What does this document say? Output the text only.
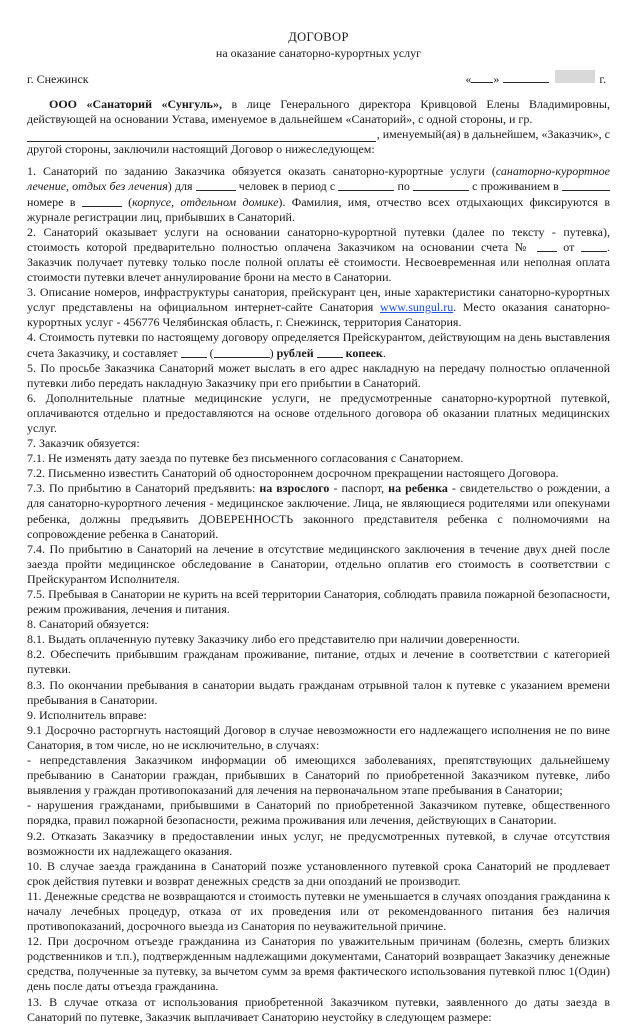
ДОГОВОР
на оказание санаторно-курортных услуг
г. Снежинск	« »	г.

ООО «Санаторий «Сунгуль», в лице Генерального директора Кривцовой Елены Владимировны, действующей на основании Устава, именуемое в дальнейшем «Санаторий», с одной стороны, и гр.

, именуемый(ая) в дальнейшем, «Заказчик», с

другой стороны, заключили настоящий Договор о нижеследующем:

1. Санаторий по заданию Заказчика обязуется оказать санаторно-курортные услуги (санаторно-курортное лечение, отдых без лечения) для	человек в период с	по	с проживанием в номере в	(корпусе, отдельном домике). Фамилия, имя, отчество всех отдыхающих фиксируются в журнале регистрации лиц, прибывших в Санаторий.

2. Санаторий оказывает услуги на основании санаторно-курортной путевки (далее по тексту - путевка), стоимость которой предварительно полностью оплачена Заказчиком на основании счета №  от . Заказчик получает путевку только после полной оплаты её стоимости. Несвоевременная или неполная оплата стоимости путевки влечет аннулирование брони на место в Санатории.

3. Описание номеров, инфраструктуры санатория, прейскурант цен, иные характеристики санаторно-курортных услуг представлены на официальном интернет-сайте Санатория www.sungul.ru. Место оказания санаторно-курортных услуг - 456776 Челябинская область, г. Снежинск, территория Санатория.

4. Стоимость путевки по настоящему договору определяется Прейскурантом, действующим на день выставления счета Заказчику, и составляет  (	) рублей	копеек.

5. По просьбе Заказчика Санаторий может выслать в его адрес накладную на передачу полностью оплаченной путевки либо передать накладную Заказчику при его прибытии в Санаторий.

6. Дополнительные платные медицинские услуги, не предусмотренные санаторно-курортной путевкой, оплачиваются отдельно и предоставляются на основе отдельного договора об оказании платных медицинских услуг.

7. Заказчик обязуется:

7.1. Не изменять дату заезда по путевке без письменного согласования с Санаторием.

7.2. Письменно известить Санаторий об одностороннем досрочном прекращении настоящего Договора.

7.3. По прибытию в Санаторий предъявить: на взрослого - паспорт, на ребенка - свидетельство о рождении, а для санаторно-курортного лечения - медицинское заключение. Лица, не являющиеся родителями или опекунами ребенка, должны предъявить ДОВЕРЕННОСТЬ законного представителя ребенка с полномочиями на сопровождение ребенка в Санаторий.

7.4. По прибытию в Санаторий на лечение в отсутствие медицинского заключения в течение двух дней после заезда пройти медицинское обследование в Санатории, отдельно оплатив его стоимость в соответствии с Прейскурантом Исполнителя.

7.5. Пребывая в Санатории не курить на всей территории Санатория, соблюдать правила пожарной безопасности, режим проживания, лечения и питания.

8. Санаторий обязуется:

8.1. Выдать оплаченную путевку Заказчику либо его представителю при наличии доверенности.

8.2. Обеспечить прибывшим гражданам проживание, питание, отдых и лечение в соответствии с категорией путевки.

8.3. По окончании пребывания в санатории выдать гражданам отрывной талон к путевке с указанием времени пребывания в Санатории.

9. Исполнитель вправе:

9.1 Досрочно расторгнуть настоящий Договор в случае невозможности его надлежащего исполнения не по вине Санатория, в том числе, но не исключительно, в случаях:

- непредставления Заказчиком информации об имеющихся заболеваниях, препятствующих дальнейшему пребыванию в Санатории граждан, прибывших в Санаторий по приобретенной Заказчиком путевке, либо выявления у граждан противопоказаний для лечения на первоначальном этапе пребывания в Санатории;

- нарушения гражданами, прибывшими в Санаторий по приобретенной Заказчиком путевке, общественного порядка, правил пожарной безопасности, режима проживания или лечения, действующих в Санатории.

9.2. Отказать Заказчику в предоставлении иных услуг, не предусмотренных путевкой, в случае отсутствия возможности их надлежащего оказания.

10. В случае заезда гражданина в Санаторий позже установленного путевкой срока Санаторий не продлевает срок действия путевки и возврат денежных средств за дни опозданий не производит.

11. Денежные средства не возвращаются и стоимость путевки не уменьшается в случаях опоздания гражданина к началу лечебных процедур, отказа от их проведения или от рекомендованного питания без наличия противопоказаний, досрочного выезда из Санатория по неуважительной причине.

12. При досрочном отъезде гражданина из Санатория по уважительным причинам (болезнь, смерть близких родственников и т.п.), подтвержденным надлежащими документами, Санаторий возвращает Заказчику денежные средства, полученные за путевку, за вычетом сумм за время фактического использования путевкой плюс 1(Один) день после даты отъезда гражданина.

13. В случае отказа от использования приобретенной Заказчиком путевки, заявленного до даты заезда в Санаторий по путевке, Заказчик выплачивает Санаторию неустойку в следующем размере:
